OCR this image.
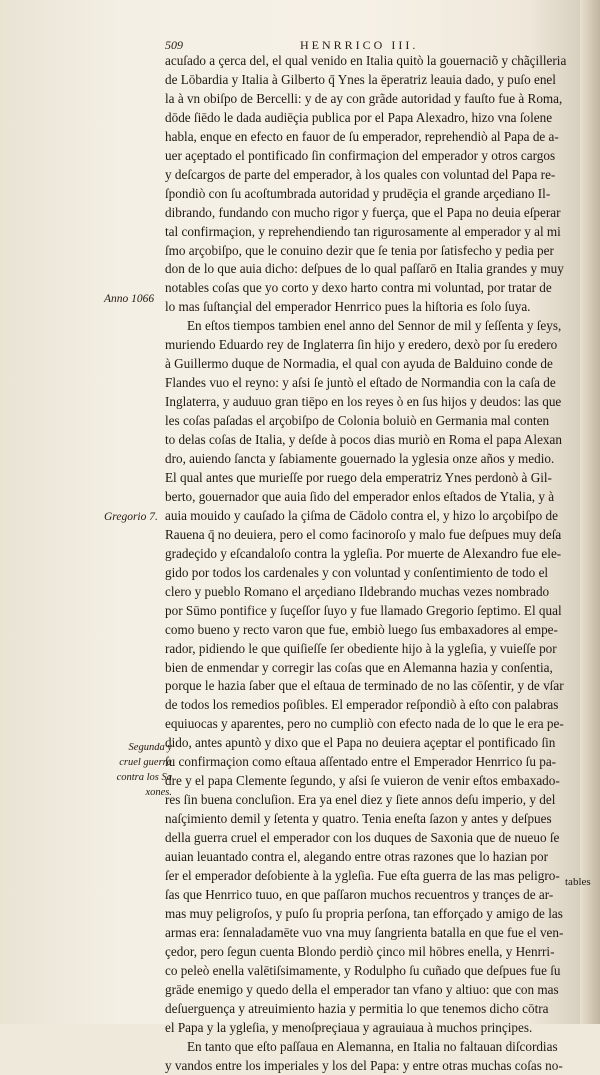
509	HENRRICO III.
Anno 1066
Gregorio 7.
Segunda y
cruel guerra
contra los Sa
xones.
acuſado a çerca del, el qual venido en Italia quitò la gouernaciõ y chãçilleria
de Lōbardia y Italia à Gilberto q̄ Ynes la ēperatriz leauia dado, y puſo enel
la à vn obiſpo de Bercelli: y de ay con grãde autoridad y fauſto fue à Roma,
dōde ſiēdo le dada audiēçia publica por el Papa Alexadro, hizo vna ſolene
habla, enque en efecto en fauor de ſu emperador, reprehendiò al Papa de a-
uer açeptado el pontificado ſin confirmaçion del emperador y otros cargos
y deſcargos de parte del emperador, à los quales con voluntad del Papa re-
ſpondiò con ſu acoſtumbrada autoridad y prudēçia el grande arçediano Il-
dibrando, fundando con mucho rigor y fuerça, que el Papa no deuia eſperar
tal confirmaçion, y reprehendiendo tan rigurosamente al emperador y al mi
ſmo arçobiſpo, que le conuino dezir que ſe tenia por ſatisfecho y pedia per
don de lo que auia dicho: deſpues de lo qual paſſarō en Italia grandes y muy
notables coſas que yo corto y dexo harto contra mi voluntad, por tratar de
lo mas ſuſtançial del emperador Henrrico pues la hiſtoria es ſolo ſuya.
En eſtos tiempos tambien enel anno del Sennor de mil y ſeſſenta y ſeys,
muriendo Eduardo rey de Inglaterra ſin hijo y eredero, dexò por ſu eredero
à Guillermo duque de Normadia, el qual con ayuda de Balduino conde de
Flandes vuo el reyno: y aſsi ſe juntò el eſtado de Normandia con la caſa de
Inglaterra, y auduuo gran tiēpo en los reyes ò en ſus hijos y deudos: las que
les coſas paſadas el arçobiſpo de Colonia boluiò en Germania mal conten
to delas coſas de Italia, y deſde à pocos dias muriò en Roma el papa Alexan
dro, auiendo ſancta y ſabiamente gouernado la yglesia onze años y medio.
El qual antes que murieſſe por ruego dela emperatriz Ynes perdonò à Gil-
berto, gouernador que auia ſido del emperador enlos eſtados de Ytalia, y à
auia mouido y cauſado la çiſma de Cādolo contra el, y hizo lo arçobiſpo de
Rauena q̄ no deuiera, pero el como facinoroſo y malo fue deſpues muy deſa
gradeçido y eſcandaloſo contra la ygleſia. Por muerte de Alexandro fue ele-
gido por todos los cardenales y con voluntad y conſentimiento de todo el
clero y pueblo Romano el arçediano Ildebrando muchas vezes nombrado
por Sūmo pontifice y ſuçeſſor ſuyo y fue llamado Gregorio ſeptimo. El qual
como bueno y recto varon que fue, embiò luego ſus embaxadores al empe-
rador, pidiendo le que quiſieſſe ſer obediente hijo à la ygleſia, y vuieſſe por
bien de enmendar y corregir las coſas que en Alemanna hazia y conſentia,
porque le hazia ſaber que el eſtaua de terminado de no las cōſentir, y de vſar
de todos los remedios poſibles. El emperador reſpondiò à eſto con palabras
equiuocas y aparentes, pero no cumpliò con efecto nada de lo que le era pe-
dido, antes apuntò y dixo que el Papa no deuiera açeptar el pontificado ſin
ſu confirmaçion como eſtaua aſſentado entre el Emperador Henrrico ſu pa-
dre y el papa Clemente ſegundo, y aſsi ſe vuieron de venir eſtos embaxado-
res ſin buena concluſion. Era ya enel diez y ſiete annos deſu imperio, y del
naſçimiento demil y ſetenta y quatro. Tenia eneſta ſazon y antes y deſpues
della guerra cruel el emperador con los duques de Saxonia que de nueuo ſe
auian leuantado contra el, alegando entre otras razones que lo hazian por
ſer el emperador deſobiente à la ygleſia. Fue eſta guerra de las mas peligro-
ſas que Henrrico tuuo, en que paſſaron muchos recuentros y trançes de ar-
mas muy peligroſos, y puſo ſu propria perſona, tan efforçado y amigo de las
armas era: ſennaladamēte vuo vna muy ſangrienta batalla en que fue el ven-
çedor, pero ſegun cuenta Blondo perdiò çinco mil hōbres enella, y Henrri-
co peleò enella valētiſsimamente, y Rodulpho ſu cuñado que deſpues fue ſu
grāde enemigo y quedo della el emperador tan vfano y altiuo: que con mas
deſuerguença y atreuimiento hazia y permitia lo que tenemos dicho cōtra
el Papa y la ygleſia, y menoſpreçiaua y agrauiaua à muchos prinçipes.
En tanto que eſto paſſaua en Alemanna, en Italia no faltauan diſcordias
y vandos entre los imperiales y los del Papa: y entre otras muchas coſas no-
tables
